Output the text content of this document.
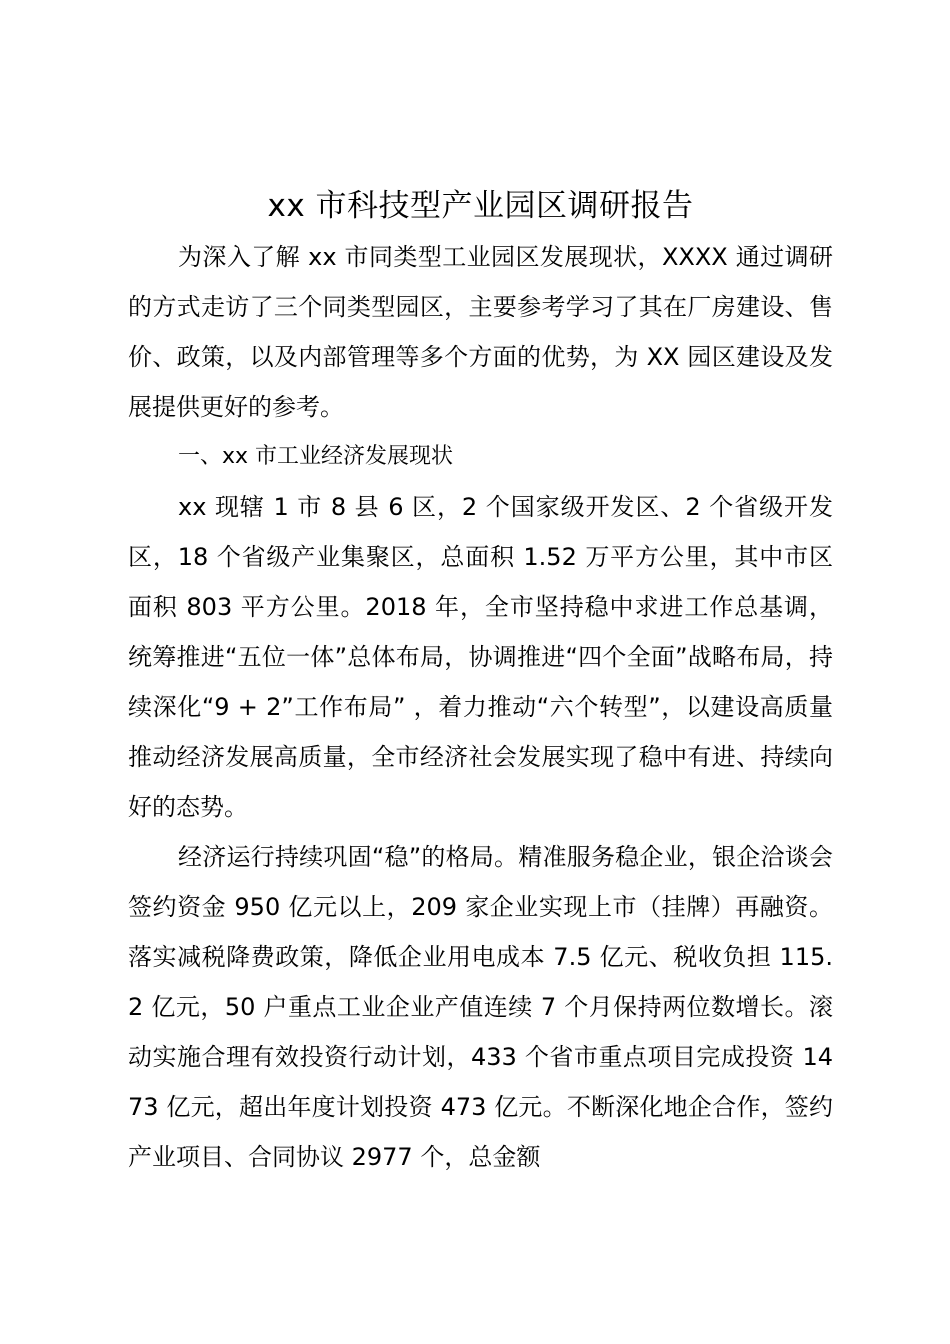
xx 市科技型产业园区调研报告

为深入了解 xx 市同类型工业园区发展现状，XXXX 通过调研的方式走访了三个同类型园区，主要参考学习了其在厂房建设、售价、政策，以及内部管理等多个方面的优势，为 XX 园区建设及发展提供更好的参考。

一、xx 市工业经济发展现状

xx 现辖 1 市 8 县 6 区，2 个国家级开发区、2 个省级开发区，18 个省级产业集聚区，总面积 1.52 万平方公里，其中市区面积 803 平方公里。2018 年，全市坚持稳中求进工作总基调，统筹推进“五位一体”总体布局，协调推进“四个全面”战略布局，持续深化“9 + 2”工作布局” ，着力推动“六个转型”，以建设高质量推动经济发展高质量，全市经济社会发展实现了稳中有进、持续向好的态势。

经济运行持续巩固“稳”的格局。精准服务稳企业，银企洽谈会签约资金 950 亿元以上，209 家企业实现上市（挂牌）再融资。落实减税降费政策，降低企业用电成本 7.5 亿元、税收负担 115.2 亿元，50 户重点工业企业产值连续 7 个月保持两位数增长。滚动实施合理有效投资行动计划，433 个省市重点项目完成投资 1473 亿元，超出年度计划投资 473 亿元。不断深化地企合作，签约产业项目、合同协议 2977 个，总金额
